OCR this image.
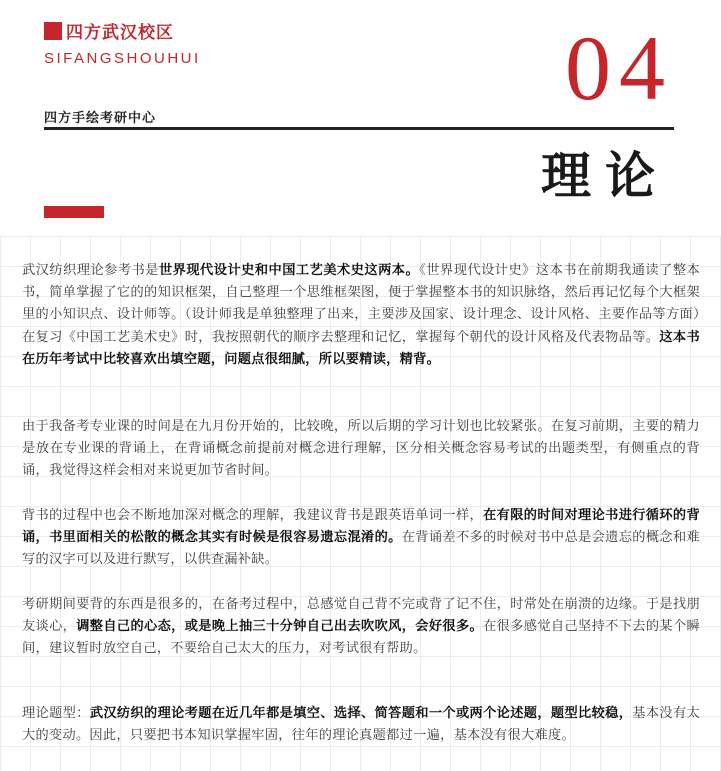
四方武汉校区
SIFANGSHOUHUI	04
四方手绘考研中心
理论

武汉纺织理论参考书是世界现代设计史和中国工艺美术史这两本。《世界现代设计史》这本书在前期我通读了整本书，简单掌握了它的的知识框架，自己整理一个思维框架图，便于掌握整本书的知识脉络，然后再记忆每个大框架里的小知识点、设计师等。（设计师我是单独整理了出来，主要涉及国家、设计理念、设计风格、主要作品等方面）在复习《中国工艺美术史》时，我按照朝代的顺序去整理和记忆，掌握每个朝代的设计风格及代表物品等。这本书在历年考试中比较喜欢出填空题，问题点很细腻，所以要精读，精背。

由于我备考专业课的时间是在九月份开始的，比较晚，所以后期的学习计划也比较紧张。在复习前期，主要的精力是放在专业课的背诵上，在背诵概念前提前对概念进行理解，区分相关概念容易考试的出题类型，有侧重点的背诵，我觉得这样会相对来说更加节省时间。

背书的过程中也会不断地加深对概念的理解，我建议背书是跟英语单词一样，在有限的时间对理论书进行循环的背诵，书里面相关的松散的概念其实有时候是很容易遗忘混淆的。在背诵差不多的时候对书中总是会遗忘的概念和难写的汉字可以及进行默写，以供查漏补缺。

考研期间要背的东西是很多的，在备考过程中，总感觉自己背不完或背了记不住，时常处在崩溃的边缘。于是找朋友谈心，调整自己的心态，或是晚上抽三十分钟自己出去吹吹风，会好很多。在很多感觉自己坚持不下去的某个瞬间，建议暂时放空自己，不要给自己太大的压力，对考试很有帮助。

理论题型：武汉纺织的理论考题在近几年都是填空、选择、简答题和一个或两个论述题，题型比较稳，基本没有太大的变动。因此，只要把书本知识掌握牢固，往年的理论真题都过一遍，基本没有很大难度。
